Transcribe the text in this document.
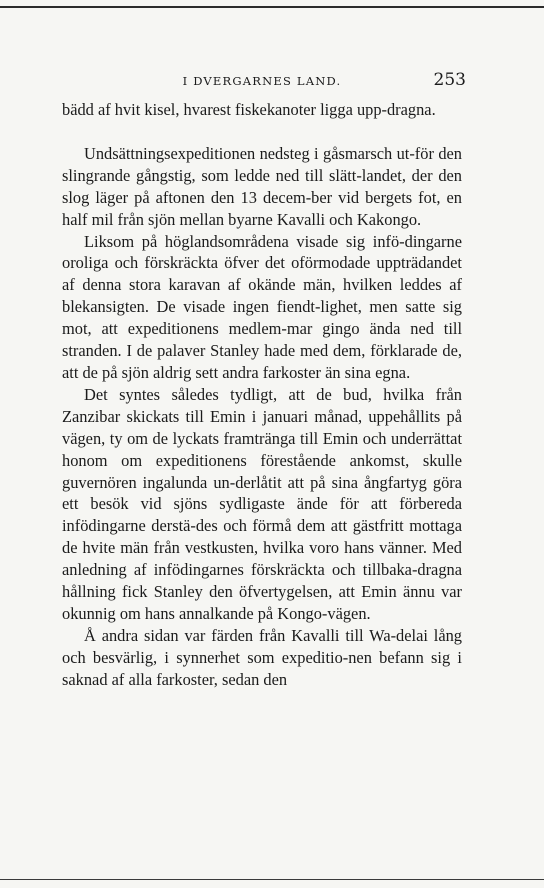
I DVERGARNES LAND.	253

bädd af hvit kisel, hvarest fiskekanoter ligga upp-dragna.

Undsättningsexpeditionen nedsteg i gåsmarsch ut-för den slingrande gångstig, som ledde ned till slätt-landet, der den slog läger på aftonen den 13 decem-ber vid bergets fot, en half mil från sjön mellan byarne Kavalli och Kakongo.

Liksom på höglandsområdena visade sig infö-dingarne oroliga och förskräckta öfver det oförmodade uppträdandet af denna stora karavan af okände män, hvilken leddes af blekansigten. De visade ingen fiendt-lighet, men satte sig mot, att expeditionens medlem-mar gingo ända ned till stranden. I de palaver Stanley hade med dem, förklarade de, att de på sjön aldrig sett andra farkoster än sina egna.

Det syntes således tydligt, att de bud, hvilka från Zanzibar skickats till Emin i januari månad, uppehållits på vägen, ty om de lyckats framtränga till Emin och underrättat honom om expeditionens förestående ankomst, skulle guvernören ingalunda un-derlåtit att på sina ångfartyg göra ett besök vid sjöns sydligaste ände för att förbereda infödingarne derstä-des och förmå dem att gästfritt mottaga de hvite män från vestkusten, hvilka voro hans vänner. Med anledning af infödingarnes förskräckta och tillbaka-dragna hållning fick Stanley den öfvertygelsen, att Emin ännu var okunnig om hans annalkande på Kongo-vägen.

Å andra sidan var färden från Kavalli till Wa-delai lång och besvärlig, i synnerhet som expeditio-nen befann sig i saknad af alla farkoster, sedan den
